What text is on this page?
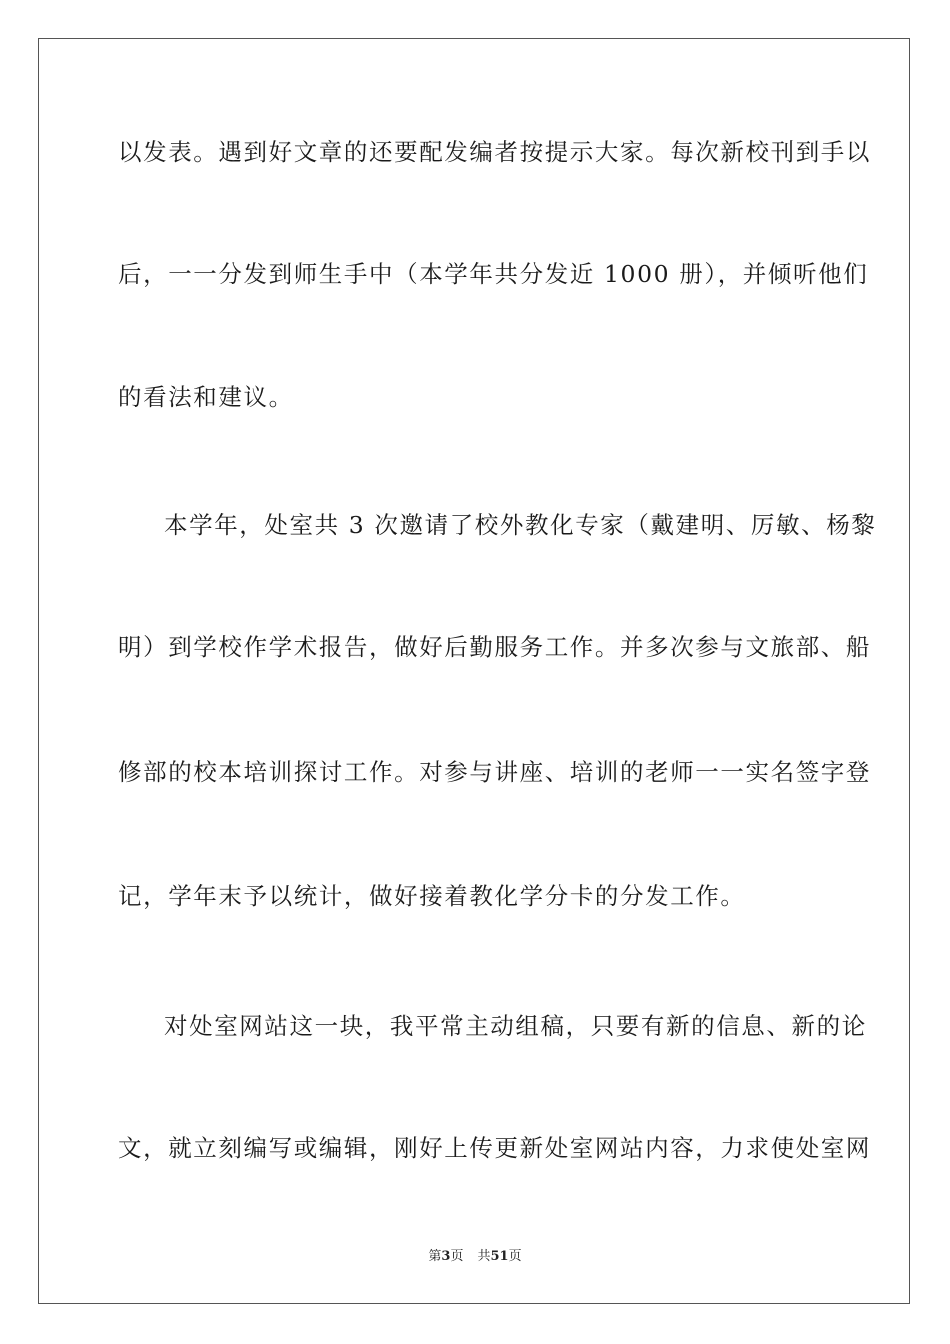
以发表。遇到好文章的还要配发编者按提示大家。每次新校刊到手以
后，一一分发到师生手中（本学年共分发近 1000 册），并倾听他们
的看法和建议。
本学年，处室共 3 次邀请了校外教化专家（戴建明、厉敏、杨黎
明）到学校作学术报告，做好后勤服务工作。并多次参与文旅部、船
修部的校本培训探讨工作。对参与讲座、培训的老师一一实名签字登
记，学年末予以统计，做好接着教化学分卡的分发工作。
对处室网站这一块，我平常主动组稿，只要有新的信息、新的论
文，就立刻编写或编辑，刚好上传更新处室网站内容，力求使处室网
第3页 共51页
